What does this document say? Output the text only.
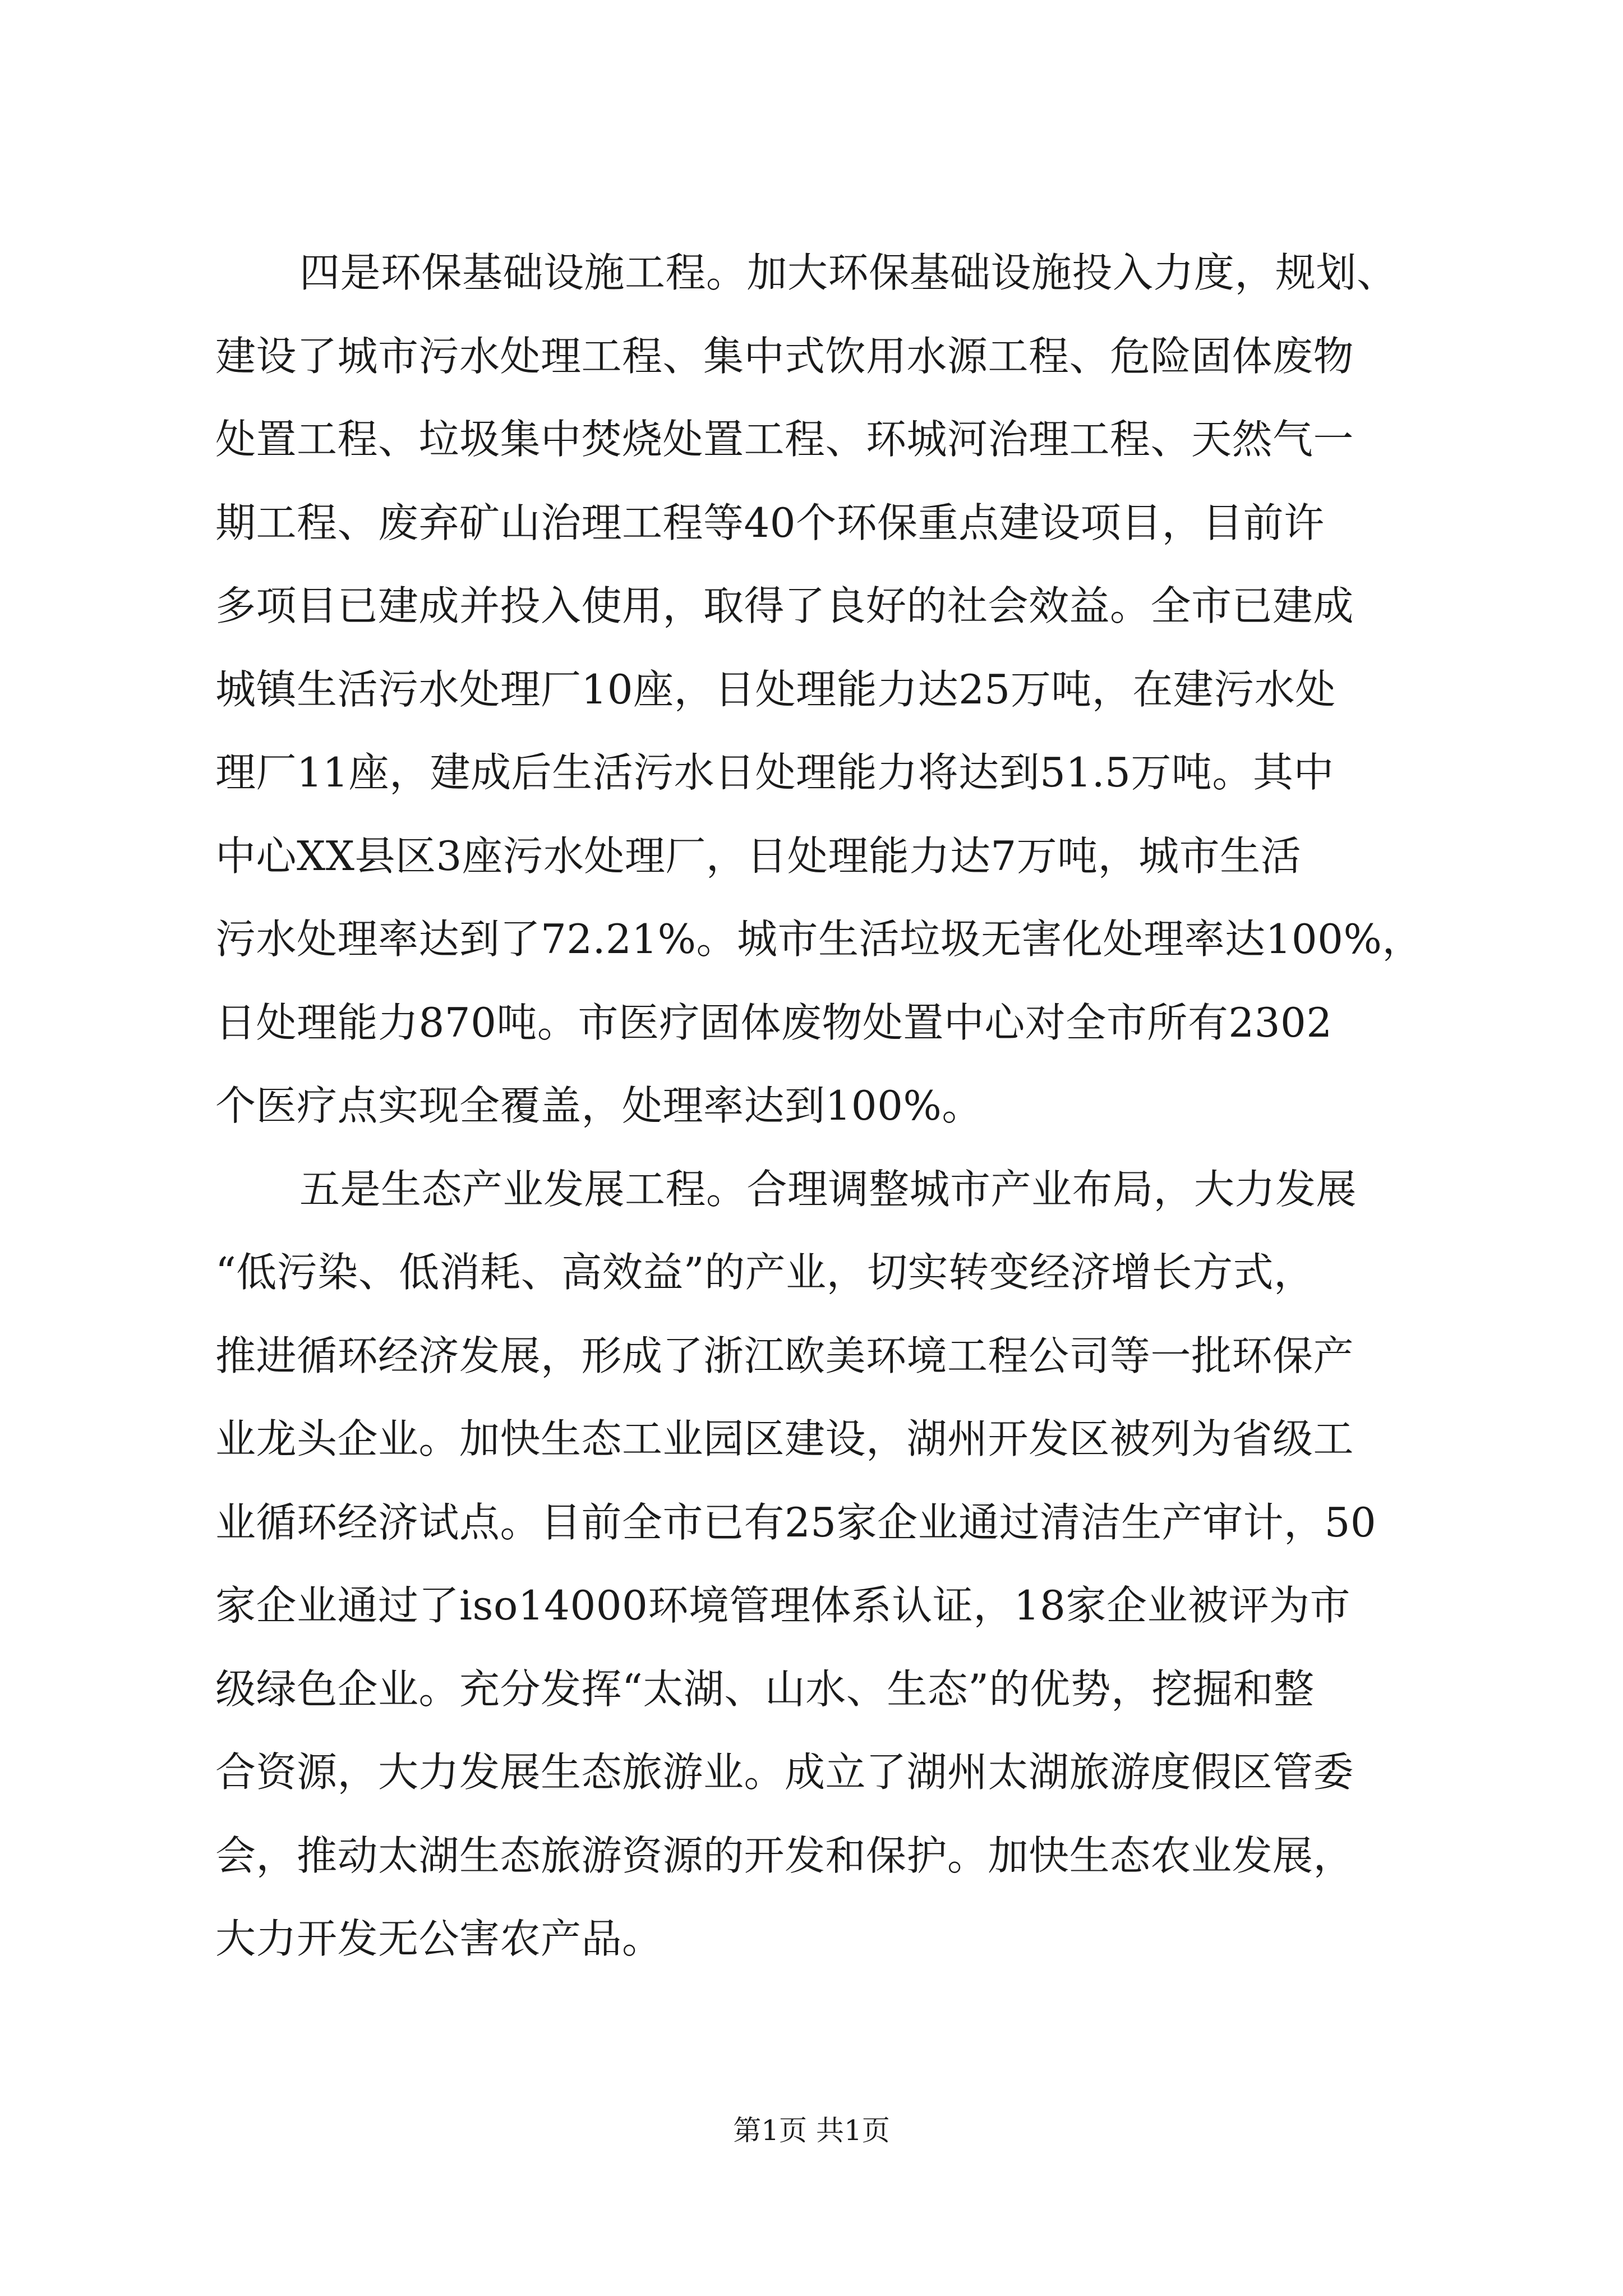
四是环保基础设施工程。加大环保基础设施投入力度，规划、
建设了城市污水处理工程、集中式饮用水源工程、危险固体废物
处置工程、垃圾集中焚烧处置工程、环城河治理工程、天然气一
期工程、废弃矿山治理工程等40个环保重点建设项目，目前许
多项目已建成并投入使用，取得了良好的社会效益。全市已建成
城镇生活污水处理厂10座，日处理能力达25万吨，在建污水处
理厂11座，建成后生活污水日处理能力将达到51.5万吨。其中
中心XX县区3座污水处理厂，日处理能力达7万吨，城市生活
污水处理率达到了72.21%。城市生活垃圾无害化处理率达100%，
日处理能力870吨。市医疗固体废物处置中心对全市所有2302
个医疗点实现全覆盖，处理率达到100%。
五是生态产业发展工程。合理调整城市产业布局，大力发展
“低污染、低消耗、高效益”的产业，切实转变经济增长方式，
推进循环经济发展，形成了浙江欧美环境工程公司等一批环保产
业龙头企业。加快生态工业园区建设，湖州开发区被列为省级工
业循环经济试点。目前全市已有25家企业通过清洁生产审计，50
家企业通过了iso14000环境管理体系认证，18家企业被评为市
级绿色企业。充分发挥“太湖、山水、生态”的优势，挖掘和整
合资源，大力发展生态旅游业。成立了湖州太湖旅游度假区管委
会，推动太湖生态旅游资源的开发和保护。加快生态农业发展，
大力开发无公害农产品。
第1页 共1页
